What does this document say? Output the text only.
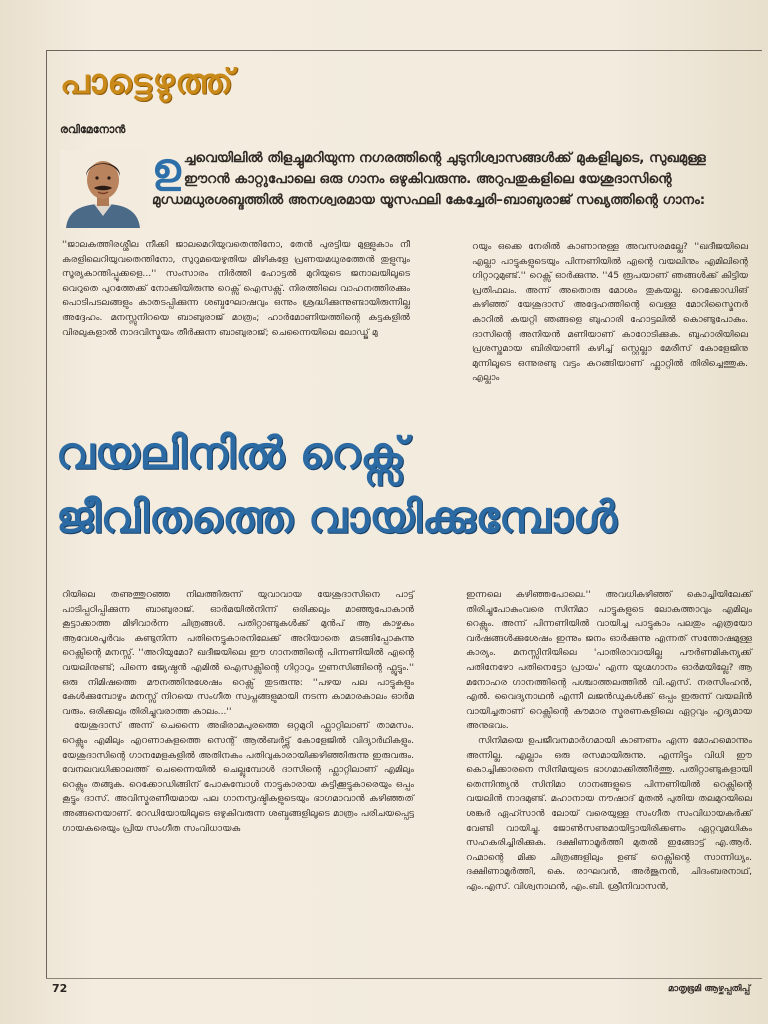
പാട്ടെഴുത്ത്
രവിമേനോൻ
ഉച്ചവെയിലിൽ തിളച്ചുമറിയുന്ന നഗരത്തിന്റെ ചുടുനിശ്വാസങ്ങൾക്ക് മുകളിലൂടെ, സുഖമുള്ള ഈറൻ കാറ്റുപോലെ ഒരു ഗാനം ഒഴുകിവരുന്നു. അറുപതുകളിലെ യേശുദാസിന്റെ മുഗ്ധമധുരശബ്ദത്തിൽ അനശ്വരമായ യൂസഫലി കേച്ചേരി–ബാബുരാജ് സഖ്യത്തിന്റെ ഗാനം:

''ജാലകത്തിരശ്ശീല നീക്കി ജാലമെറിയുവതെന്തിനോ, തേൻ പുരട്ടിയ മുള്ളുകാം നീ കരളിലെറിയുവതെന്തിനോ, സുറുമയെഴുതിയ മിഴികളേ പ്രണയമധുരത്തേൻ തുളുമ്പും സൂര്യകാന്തിപ്പൂക്കളെ...'' സംസാരം നിർത്തി ഹോട്ടൽ മുറിയുടെ ജനാലയിലൂടെ വെറുതെ പുറത്തേക്ക് നോക്കിയിരുന്നു റെക്സ് ഐസക്സ്. നിരത്തിലെ വാഹനത്തിരക്കും പൊടിപടലങ്ങളും കാതടപ്പിക്കുന്ന ശബ്ദഘോഷവും ഒന്നും ശ്രദ്ധിക്കുന്നുണ്ടായിരുന്നില്ല അദ്ദേഹം. മനസ്സുനിറയെ ബാബുരാജ് മാത്രം; ഹാർമോണിയത്തിന്റെ കട്ടകളിൽ വിരലുകളാൽ നാദവിസ്മയം തീർക്കുന്ന ബാബുരാജ്; ചെന്നൈയിലെ ലോഡ്ജ് മു

റയും ഒക്കെ നേരിൽ കാണാനുള്ള അവസരമല്ലേ? ''ഖദീജയിലെ എല്ലാ പാട്ടുകളുടെയും പിന്നണിയിൽ എന്റെ വയലിനും എമിലിന്റെ ഗിറ്റാറുമുണ്ട്.'' റെക്സ് ഓർക്കുന്നു. ''45 രൂപയാണ് ഞങ്ങൾക്ക് കിട്ടിയ പ്രതിഫലം. അന്ന് അതൊരു മോശം തുകയല്ല. റെക്കോഡിങ് കഴിഞ്ഞ് യേശുദാസ് അദ്ദേഹത്തിന്റെ വെള്ള മോറിസ്മൈനർ കാറിൽ കയറ്റി ഞങ്ങളെ ബുഹാരി ഹോട്ടലിൽ കൊണ്ടുപോകും. ദാസിന്റെ അനിയൻ മണിയാണ് കാറോടിക്കുക. ബുഹാരിയിലെ പ്രശസ്തമായ ബിരിയാണി കഴിച്ച് സ്റ്റെല്ലാ മേരീസ് കോളേജിനു മുന്നിലൂടെ ഒന്നുരണ്ടു വട്ടം കറങ്ങിയാണ് ഫ്ലാറ്റിൽ തിരിച്ചെത്തുക. എല്ലാം

വയലിനിൽ റെക്സ്
ജീവിതത്തെ വായിക്കുമ്പോൾ

റിയിലെ തണുത്തുറഞ്ഞ നിലത്തിരുന്ന് യുവാവായ യേശുദാസിനെ പാട്ട് പാടിപ്പഠിപ്പിക്കുന്ന ബാബുരാജ്. ഓർമയിൽനിന്ന് ഒരിക്കലും മാഞ്ഞുപോകാൻ കൂട്ടാക്കാത്ത മിഴിവാർന്ന ചിത്രങ്ങൾ. പതിറ്റാണ്ടുകൾക്ക് മുൻപ് ആ കാഴ്ചകം ആവേശപൂർവം കണ്ടുനിന്ന പതിനെട്ടുകാരനിലേക്ക് അറിയാതെ മടങ്ങിപ്പോകുന്നു റെക്സിന്റെ മനസ്സ്. ''അറിയുമോ? ഖദീജയിലെ ഈ ഗാനത്തിന്റെ പിന്നണിയിൽ എന്റെ വയലിനുണ്ട്; പിന്നെ ജ്യേഷ്ഠൻ എമിൽ ഐസക്സിന്റെ ഗിറ്റാറും ഗുണസിങ്ങിന്റെ ഫ്ലൂട്ടും.'' ഒരു നിമിഷത്തെ മൗനത്തിനുശേഷം റെക്സ് തുടരുന്നു: ''പഴയ പല പാട്ടുകളും കേൾക്കുമ്പോഴും മനസ്സ് നിറയെ സംഗീത സ്വപ്നങ്ങളുമായി നടന്ന കാമാരകാലം ഓർമ വരും. ഒരിക്കലും തിരിച്ചുവരാത്ത കാലം...''

യേശുദാസ് അന്ന് ചെന്നൈ അഭിരാമപുരത്തെ ഒറ്റമുറി ഫ്ലാറ്റിലാണ് താമസം. റെക്സും എമിലും എറണാകുളത്തെ സെന്റ് ആൽബർട്ട്സ് കോളേജിൽ വിദ്യാർഥികളും. യേശുദാസിന്റെ ഗാനമേളകളിൽ അതിനകം പതിവുകാരായിക്കഴിഞ്ഞിരുന്നു ഇരുവരും. വേനലവധിക്കാലത്ത് ചെന്നൈയിൽ ചെല്ലുമ്പോൾ ദാസിന്റെ ഫ്ലാറ്റിലാണ് എമിലും റെക്സും തങ്ങുക. റെക്കോഡിങ്ങിന് പോകുമ്പോൾ നാട്ടുകാരായ കുട്ടിക്കൂട്ടുകാരെയും ഒപ്പം കൂട്ടും ദാസ്. അവിസ്മരണീയമായ പല ഗാനസൃഷ്ടികളുടെയും ഭാഗമാവാൻ കഴിഞ്ഞത് അങ്ങനെയാണ്. റേഡിയോയിലൂടെ ഒഴുകിവരുന്ന ശബ്ദങ്ങളിലൂടെ മാത്രം പരിചയപ്പെട്ട ഗായകരെയും പ്രിയ സംഗീത സംവിധായക

ഇന്നലെ കഴിഞ്ഞപോലെ.'' അവധികഴിഞ്ഞ് കൊച്ചിയിലേക്ക് തിരിച്ചുപോകുംവരെ സിനിമാ പാട്ടുകളുടെ ലോകത്താവും എമിലും റെക്സും. അന്ന് പിന്നണിയിൽ വായിച്ച പാട്ടുകാം പലതും എത്രയോ വർഷങ്ങൾക്കുശേഷം ഇന്നും ജനം ഓർക്കുന്നു എന്നത് സന്തോഷമുള്ള കാര്യം. മനസ്സിനിയിലെ 'പാതിരാവായില്ല പൗർണമികന്യക്ക് പതിനേഴോ പതിനെട്ടോ പ്രായം' എന്ന യുഗ്മഗാനം ഓർമയില്ലേ? ആ മനോഹര ഗാനത്തിന്റെ പശ്ചാത്തലത്തിൽ വി.എസ്. നരസിംഹൻ, എൽ. വൈദ്യനാഥൻ എന്നീ ലജൻഡുകൾക്ക് ഒപ്പം ഇരുന്ന് വയലിൻ വായിച്ചതാണ് റെക്സിന്റെ കൗമാര സ്മരണകളിലെ ഏറ്റവും ഹൃദ്യമായ അനുഭവം.

സിനിമയെ ഉപജീവനമാർഗമായി കാണണം എന്ന മോഹമൊന്നും അന്നില്ല. എല്ലാം ഒരു രസമായിരുന്നു. എന്നിട്ടും വിധി ഈ കൊച്ചിക്കാരനെ സിനിമയുടെ ഭാഗമാക്കിത്തീർത്തു. പതിറ്റാണ്ടുകളായി തെന്നിന്ത്യൻ സിനിമാ ഗാനങ്ങളുടെ പിന്നണിയിൽ റെക്സിന്റെ വയലിൻ നാദമുണ്ട്. മഹാനായ നൗഷാദ് മുതൽ പുതിയ തലമുറയിലെ ശങ്കർ ഏഹ്സാൻ ലോയ് വരെയുള്ള സംഗീത സംവിധായകർക്ക് വേണ്ടി വായിച്ചു. ജോൺസണുമായിട്ടായിരിക്കണം ഏറ്റവുമധികം സഹകരിച്ചിരിക്കുക. ദക്ഷിണാമൂർത്തി മുതൽ ഇങ്ങോട്ട് എ.ആർ. റഹ്മാന്റെ മിക്ക ചിത്രങ്ങളിലും ഉണ്ട് റെക്സിന്റെ സാന്നിധ്യം. ദക്ഷിണാമൂർത്തി, കെ. രാഘവൻ, അർജുനൻ, ചിദംബരനാഥ്, എം.എസ്. വിശ്വനാഥൻ, എം.ബി. ശ്രീനിവാസൻ,

72	മാതൃഭൂമി ആഴ്ചപ്പതിപ്പ്
